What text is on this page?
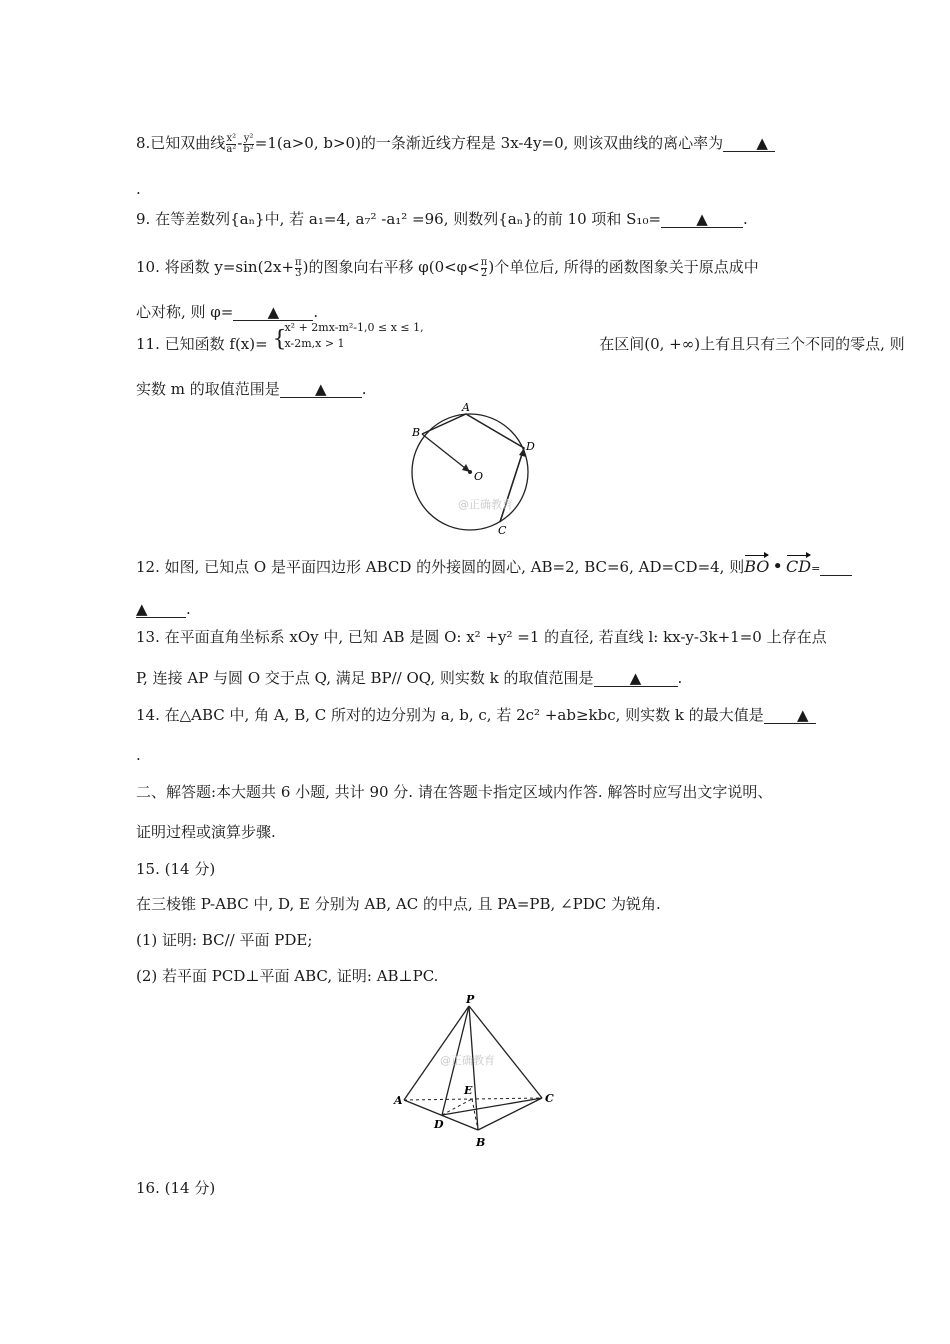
8.已知双曲线 $\frac{\text{x²}}{\text{a²}} - \frac{\text{y²}}{\text{b²}} =1(a>0$, b>0)的一条渐近线方程是 3x-4y=0, 则该双曲线的离心率为 ▲
.
9. 在等差数列{aₙ}中, 若 a₁=4, a₇² -a₁² =96, 则数列{aₙ}的前 10 项和 S₁₀= ▲ .
10. 将函数 $y=\sin(2x+ \frac{\pi}{3}$ )的图象向右平移 $\varphi(0<\varphi< \frac{\pi}{2}$ )个单位后, 所得的函数图象关于原点成中
心对称, 则 φ= ▲ .
11. 已知函数 f(x)= {
x² + 2mx-m²-1,0 ≤ x ≤ 1,
x-2m,x > 1	在区间(0, +∞)上有且只有三个不同的零点, 则
实数 m 的取值范围是 ▲ .
A
B
D
C
O
@正确教育
12. 如图, 已知点 O 是平面四边形 ABCD 的外接圆的圆心, AB=2, BC=6, AD=CD=4, 则BO • CD=
▲	.
13. 在平面直角坐标系 xOy 中, 已知 AB 是圆 O: x² +y² =1 的直径, 若直线 l: kx-y-3k+1=0 上存在点
P, 连接 AP 与圆 O 交于点 Q, 满足 BP// OQ, 则实数 k 的取值范围是 ▲ .
14. 在△ABC 中, 角 A, B, C 所对的边分别为 a, b, c, 若 2c² +ab≥kbc, 则实数 k 的最大值是 ▲
.
二、解答题:本大题共 6 小题, 共计 90 分. 请在答题卡指定区域内作答. 解答时应写出文字说明、
证明过程或演算步骤.
15. (14 分)
在三棱锥 P-ABC 中, D, E 分别为 AB, AC 的中点, 且 PA=PB, ∠PDC 为锐角.
(1) 证明: BC// 平面 PDE;
(2) 若平面 PCD⊥平面 ABC, 证明: AB⊥PC.
P
A	C
B
D
E
@正确教育
16. (14 分)
